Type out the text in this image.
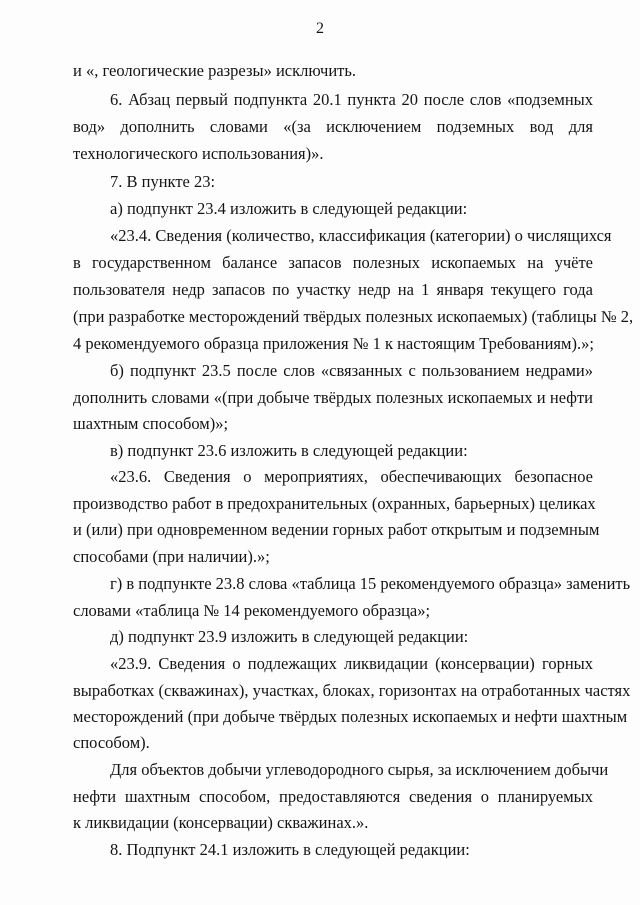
2
и «, геологические разрезы» исключить.
6. Абзац первый подпункта 20.1 пункта 20 после слов «подземных
вод» дополнить словами «(за исключением подземных вод для
технологического использования)».
7. В пункте 23:
а) подпункт 23.4 изложить в следующей редакции:
«23.4. Сведения (количество, классификация (категории) о числящихся
в государственном балансе запасов полезных ископаемых на учёте
пользователя недр запасов по участку недр на 1 января текущего года
(при разработке месторождений твёрдых полезных ископаемых) (таблицы № 2,
4 рекомендуемого образца приложения № 1 к настоящим Требованиям).»;
б) подпункт 23.5 после слов «связанных с пользованием недрами»
дополнить словами «(при добыче твёрдых полезных ископаемых и нефти
шахтным способом)»;
в) подпункт 23.6 изложить в следующей редакции:
«23.6. Сведения о мероприятиях, обеспечивающих безопасное
производство работ в предохранительных (охранных, барьерных) целиках
и (или) при одновременном ведении горных работ открытым и подземным
способами (при наличии).»;
г) в подпункте 23.8 слова «таблица 15 рекомендуемого образца» заменить
словами «таблица № 14 рекомендуемого образца»;
д) подпункт 23.9 изложить в следующей редакции:
«23.9. Сведения о подлежащих ликвидации (консервации) горных
выработках (скважинах), участках, блоках, горизонтах на отработанных частях
месторождений (при добыче твёрдых полезных ископаемых и нефти шахтным
способом).
Для объектов добычи углеводородного сырья, за исключением добычи
нефти шахтным способом, предоставляются сведения о планируемых
к ликвидации (консервации) скважинах.».
8. Подпункт 24.1 изложить в следующей редакции:
